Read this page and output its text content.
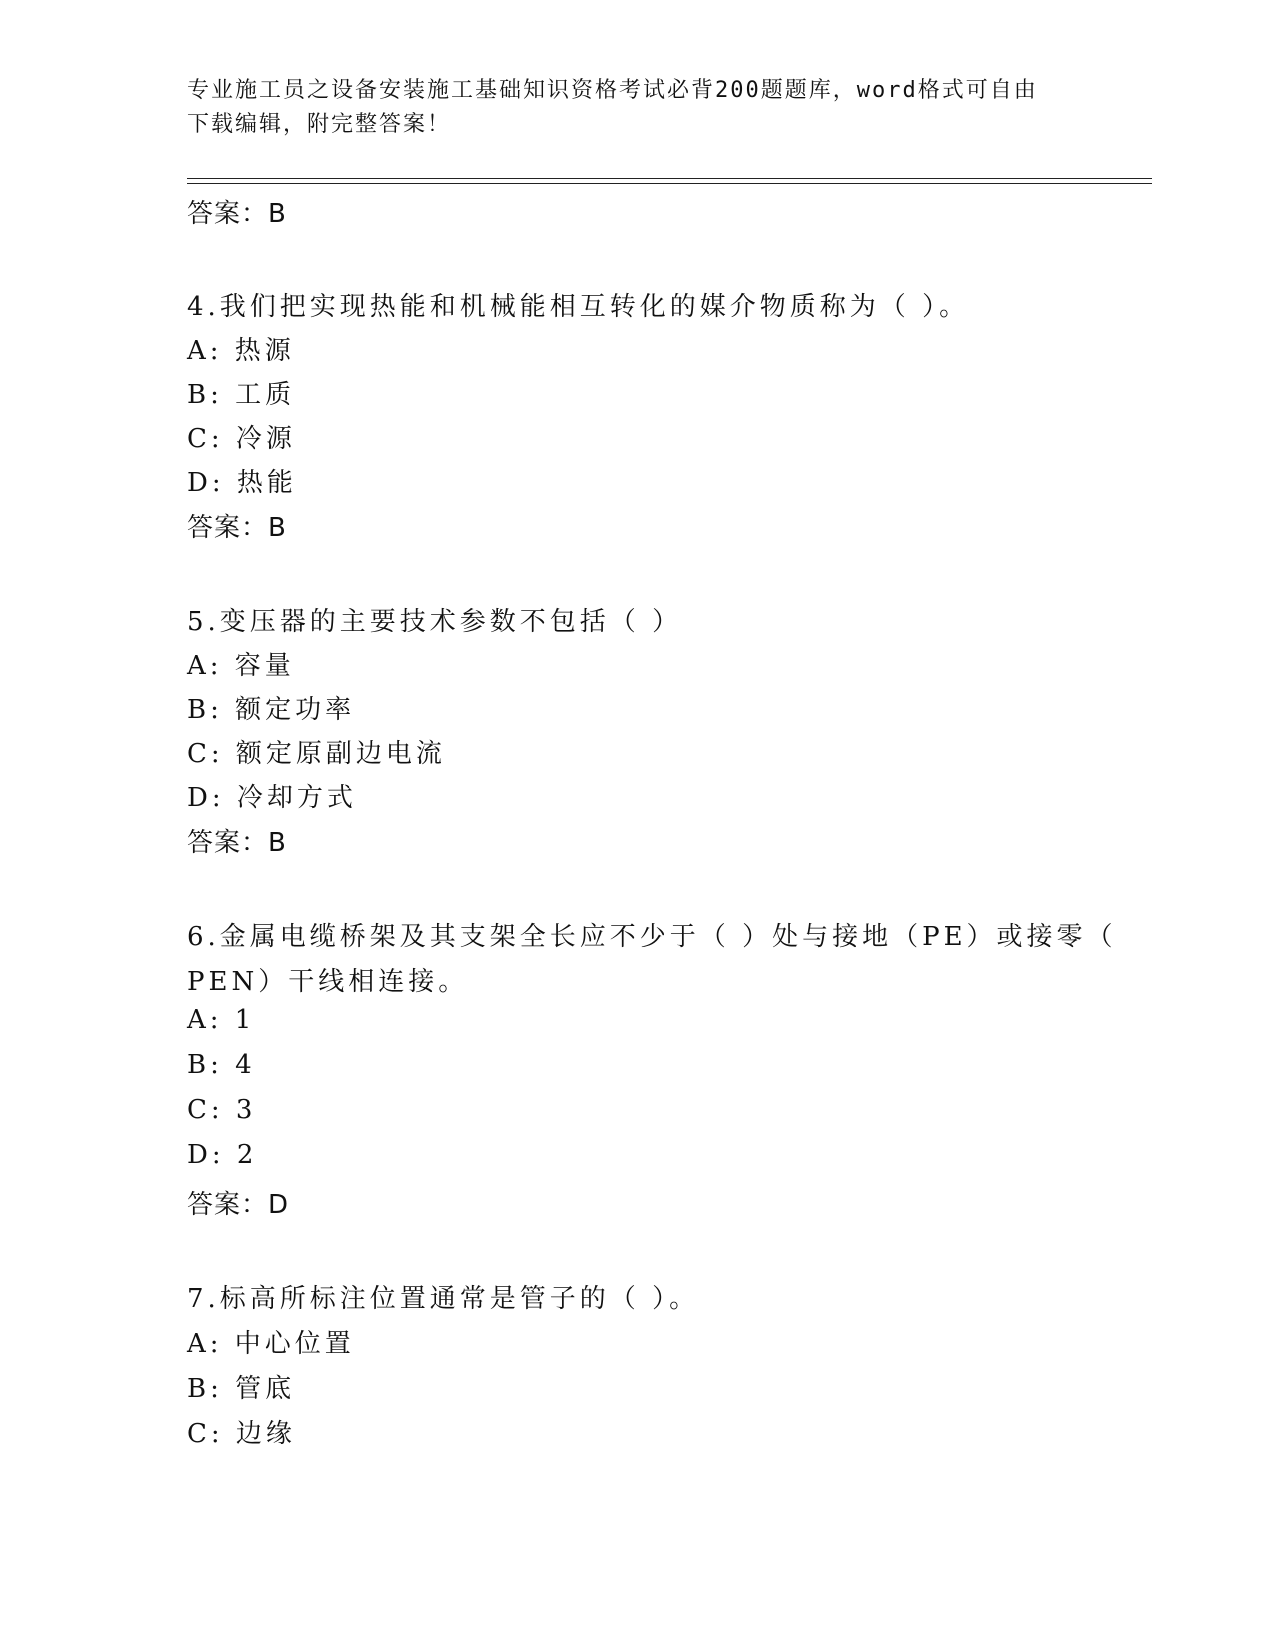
专业施工员之设备安装施工基础知识资格考试必背200题题库，word格式可自由
下载编辑，附完整答案！
答案：B
4.我们把实现热能和机械能相互转化的媒介物质称为（ ）。
A: 热源
B: 工质
C: 冷源
D: 热能
答案：B
5.变压器的主要技术参数不包括（ ）
A: 容量
B: 额定功率
C: 额定原副边电流
D: 冷却方式
答案：B
6.金属电缆桥架及其支架全长应不少于（ ）处与接地（PE）或接零（
PEN）干线相连接。
A: 1
B: 4
C: 3
D: 2
答案：D
7.标高所标注位置通常是管子的（ ）。
A: 中心位置
B: 管底
C: 边缘
